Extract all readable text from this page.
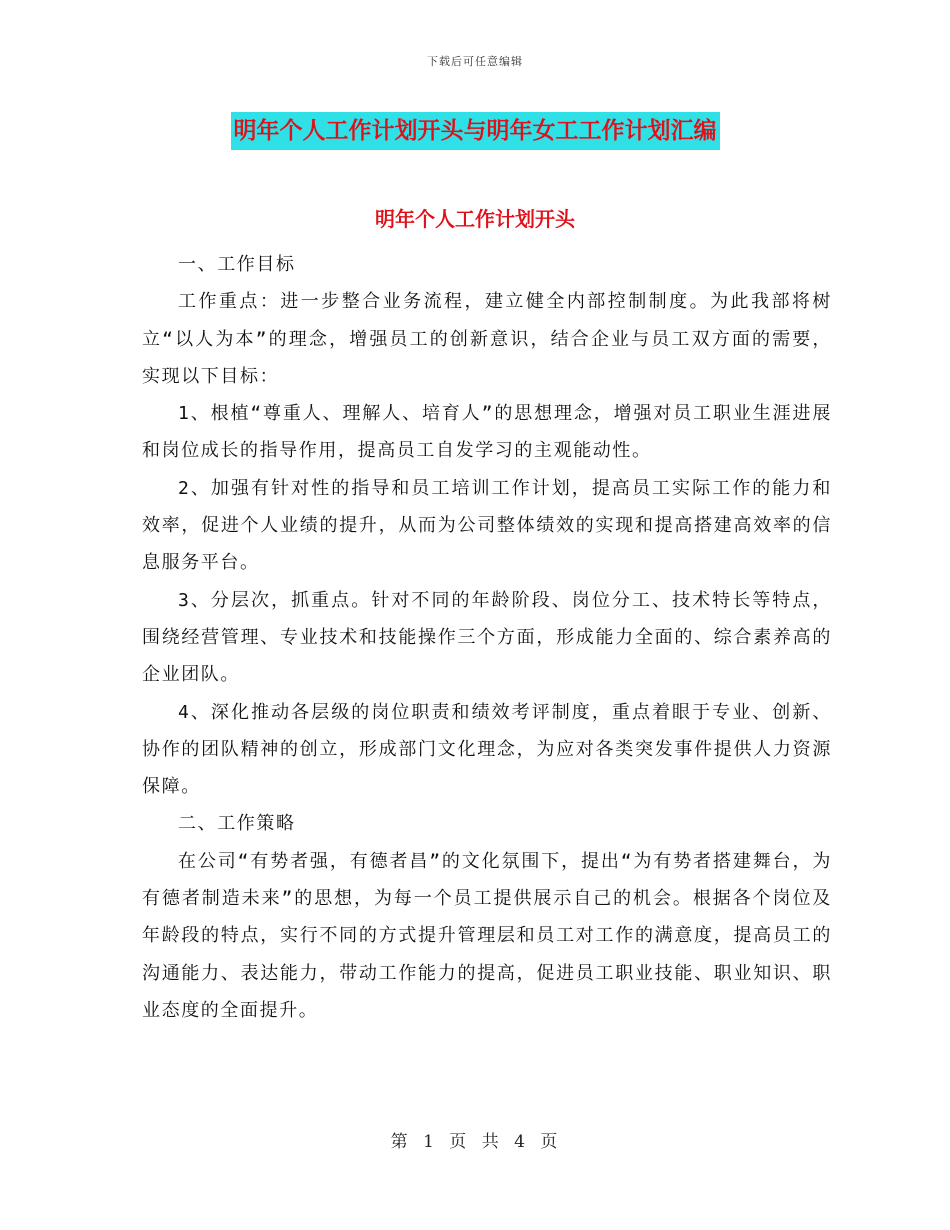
下载后可任意编辑
明年个人工作计划开头与明年女工工作计划汇编
明年个人工作计划开头

一、工作目标

工作重点：进一步整合业务流程，建立健全内部控制制度。为此我部将树立“以人为本”的理念，增强员工的创新意识，结合企业与员工双方面的需要，实现以下目标：

1、根植“尊重人、理解人、培育人”的思想理念，增强对员工职业生涯进展和岗位成长的指导作用，提高员工自发学习的主观能动性。

2、加强有针对性的指导和员工培训工作计划，提高员工实际工作的能力和效率，促进个人业绩的提升，从而为公司整体绩效的实现和提高搭建高效率的信息服务平台。

3、分层次，抓重点。针对不同的年龄阶段、岗位分工、技术特长等特点，围绕经营管理、专业技术和技能操作三个方面，形成能力全面的、综合素养高的企业团队。

4、深化推动各层级的岗位职责和绩效考评制度，重点着眼于专业、创新、协作的团队精神的创立，形成部门文化理念，为应对各类突发事件提供人力资源保障。

二、工作策略

在公司“有势者强，有德者昌”的文化氛围下，提出“为有势者搭建舞台，为有德者制造未来”的思想，为每一个员工提供展示自己的机会。根据各个岗位及年龄段的特点，实行不同的方式提升管理层和员工对工作的满意度，提高员工的沟通能力、表达能力，带动工作能力的提高，促进员工职业技能、职业知识、职业态度的全面提升。

第 1 页 共 4 页
